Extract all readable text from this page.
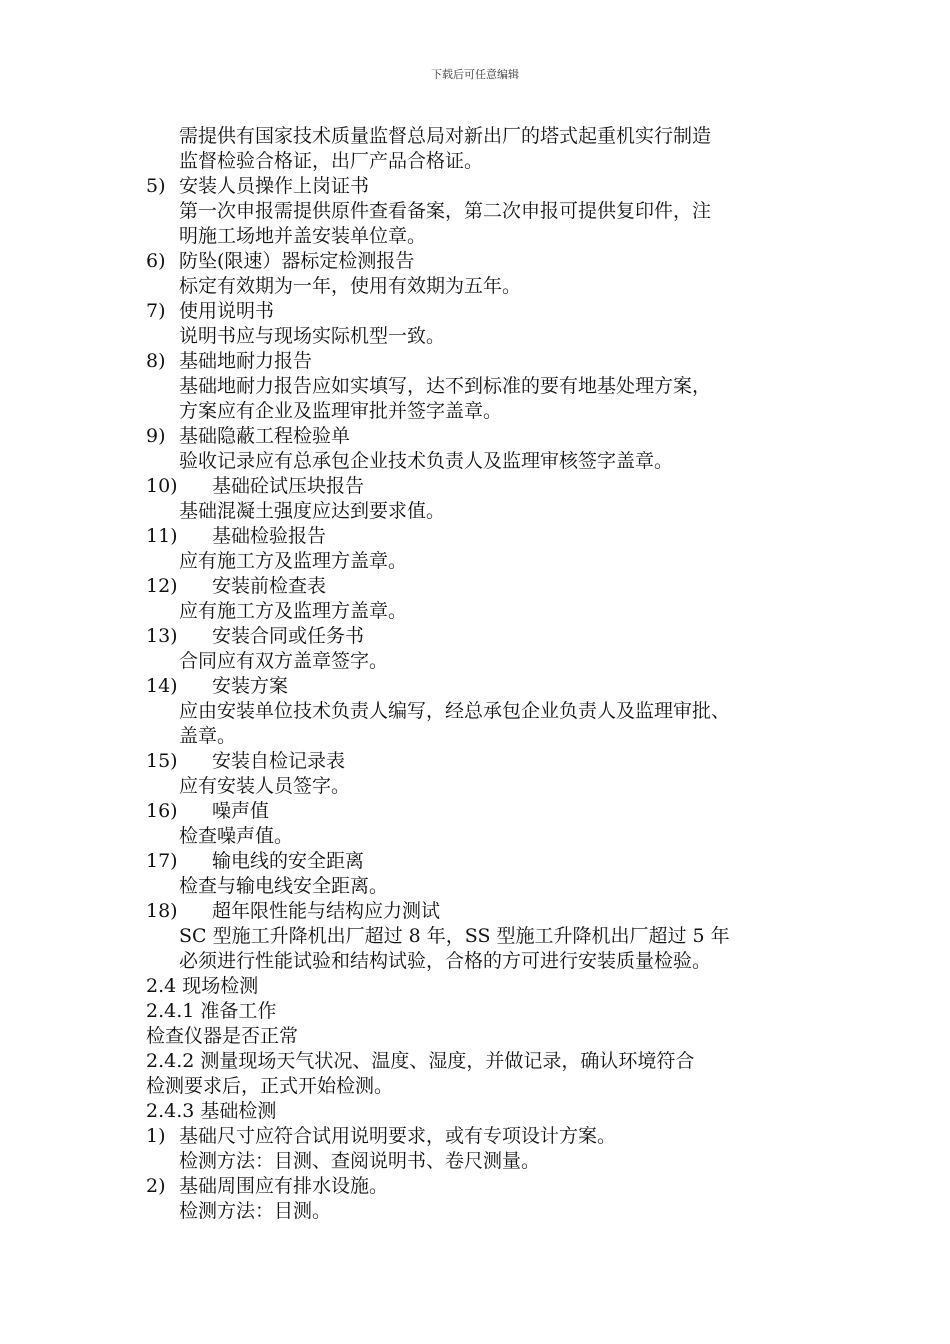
下载后可任意编辑
需提供有国家技术质量监督总局对新出厂的塔式起重机实行制造
监督检验合格证，出厂产品合格证。
5) 安装人员操作上岗证书
第一次申报需提供原件查看备案，第二次申报可提供复印件，注
明施工场地并盖安装单位章。
6) 防坠(限速）器标定检测报告
标定有效期为一年，使用有效期为五年。
7) 使用说明书
说明书应与现场实际机型一致。
8) 基础地耐力报告
基础地耐力报告应如实填写，达不到标准的要有地基处理方案，
方案应有企业及监理审批并签字盖章。
9) 基础隐蔽工程检验单
验收记录应有总承包企业技术负责人及监理审核签字盖章。
10) 基础砼试压块报告
基础混凝土强度应达到要求值。
11) 基础检验报告
应有施工方及监理方盖章。
12) 安装前检查表
应有施工方及监理方盖章。
13) 安装合同或任务书
合同应有双方盖章签字。
14) 安装方案
应由安装单位技术负责人编写，经总承包企业负责人及监理审批、
盖章。
15) 安装自检记录表
应有安装人员签字。
16) 噪声值
检查噪声值。
17) 输电线的安全距离
检查与输电线安全距离。
18) 超年限性能与结构应力测试
SC 型施工升降机出厂超过 8 年，SS 型施工升降机出厂超过 5 年
必须进行性能试验和结构试验，合格的方可进行安装质量检验。
2.4 现场检测
2.4.1 准备工作
检查仪器是否正常
2.4.2 测量现场天气状况、温度、湿度，并做记录，确认环境符合
检测要求后，正式开始检测。
2.4.3 基础检测
1) 基础尺寸应符合试用说明要求，或有专项设计方案。
检测方法：目测、查阅说明书、卷尺测量。
2) 基础周围应有排水设施。
检测方法：目测。
